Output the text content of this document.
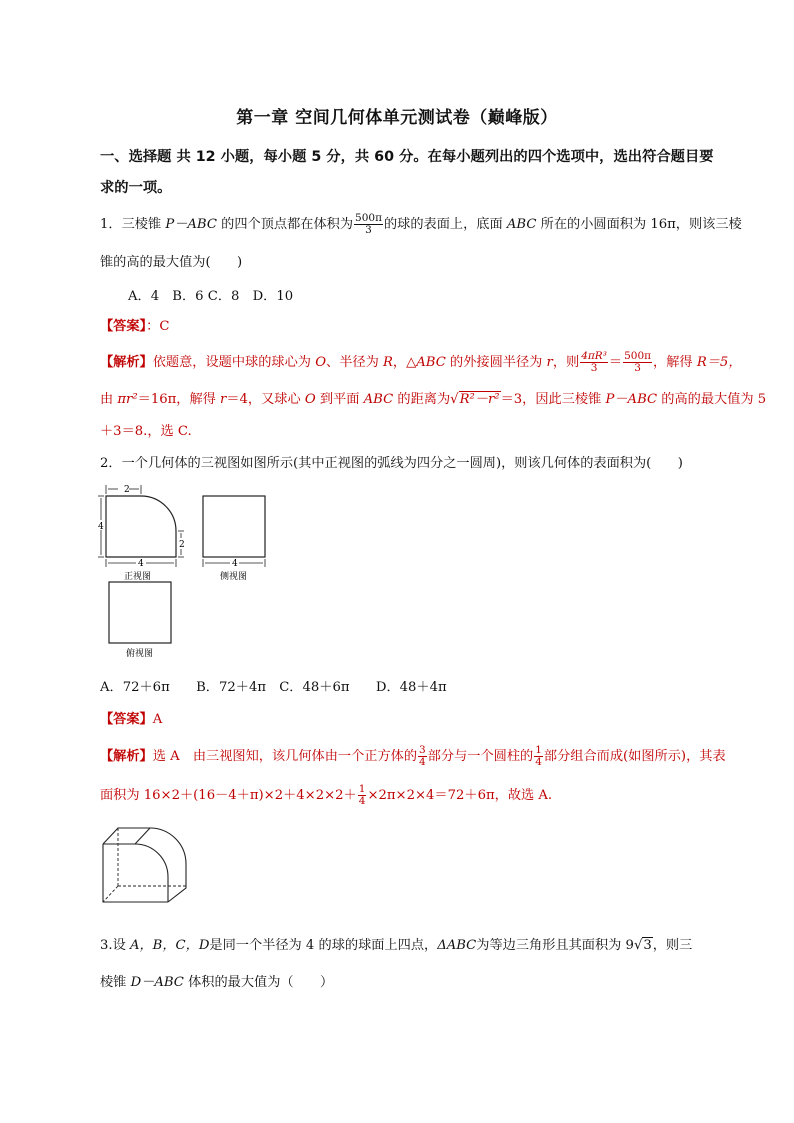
第一章 空间几何体单元测试卷（巅峰版）
一、选择题 共 12 小题，每小题 5 分，共 60 分。在每小题列出的四个选项中，选出符合题目要求的一项。
1．三棱锥 P－ABC 的四个顶点都在体积为 $\frac{500\pi}{3}$ 的球的表面上，底面 ABC 所在的小圆面积为 16π，则该三棱
锥的高的最大值为(　　)
A．4　B．6 C．8　D．10
【答案】：C
【解析】依题意，设题中球的球心为 O、半径为 R，△ABC 的外接圆半径为 r，则 $\frac{\text{4πR³}}{3} = \frac{500\pi}{3}$ ，解得 R＝5，
由 πr²＝16π，解得 r＝4，又球心 O 到平面 ABC 的距离为√R²－r²＝3，因此三棱锥 P－ABC 的高的最大值为 5
＋3＝8.，选 C.
2．一个几何体的三视图如图所示(其中正视图的弧线为四分之一圆周)，则该几何体的表面积为(　　)
2
4
2
4
正视图
4
侧视图
俯视图
A．72＋6π　　B．72＋4π　C．48＋6π　　D．48＋4π
【答案】A
【解析】选 A　由三视图知，该几何体由一个正方体的 $\frac{3}{4}$ 部分与一个圆柱的 $\frac{1}{4}$ 部分组合而成(如图所示)，其表
面积为 $16\times 2+(16-4+\pi)\times 2+4\times 2\times 2+ \frac{1}{4} \times 2\pi\times 2\times 4=72+6\pi$，故选 A.
3.设 A，B，C，D是同一个半径为 4 的球的球面上四点，ΔABC为等边三角形且其面积为 9√3，则三
棱锥 D－ABC 体积的最大值为（　　）
